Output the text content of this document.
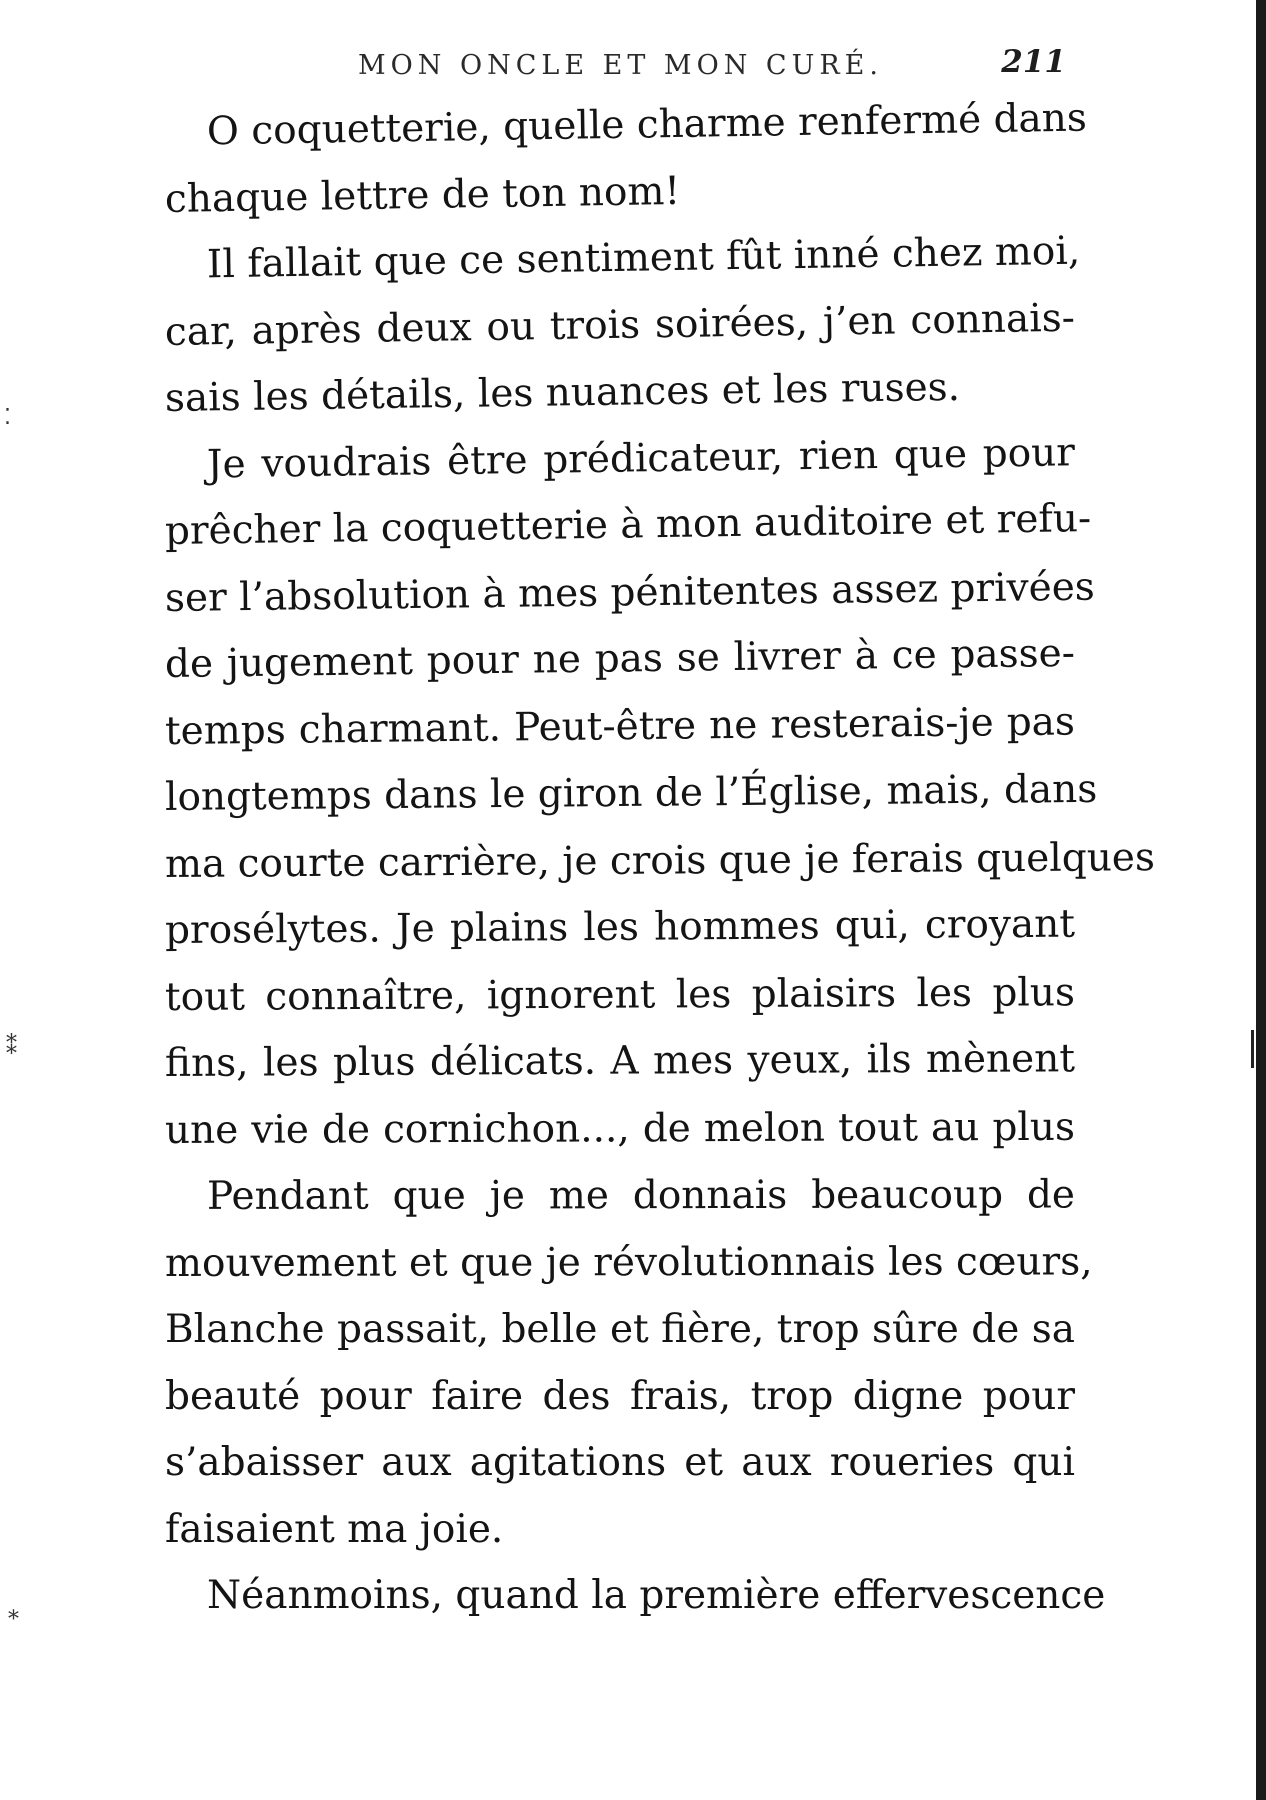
⁚
⁑
⁎
MON ONCLE ET MON CURÉ.	211
O coquetterie, quelle charme renfermé dans
chaque lettre de ton nom!
Il fallait que ce sentiment fût inné chez moi,
car, après deux ou trois soirées, j’en connais-
sais les détails, les nuances et les ruses.
Je voudrais être prédicateur, rien que pour
prêcher la coquetterie à mon auditoire et refu-
ser l’absolution à mes pénitentes assez privées
de jugement pour ne pas se livrer à ce passe-
temps charmant. Peut-être ne resterais-je pas
longtemps dans le giron de l’Église, mais, dans
ma courte carrière, je crois que je ferais quelques
prosélytes. Je plains les hommes qui, croyant
tout connaître, ignorent les plaisirs les plus
fins, les plus délicats. A mes yeux, ils mènent
une vie de cornichon..., de melon tout au plus
Pendant que je me donnais beaucoup de
mouvement et que je révolutionnais les cœurs,
Blanche passait, belle et fière, trop sûre de sa
beauté pour faire des frais, trop digne pour
s’abaisser aux agitations et aux roueries qui
faisaient ma joie.
Néanmoins, quand la première effervescence
